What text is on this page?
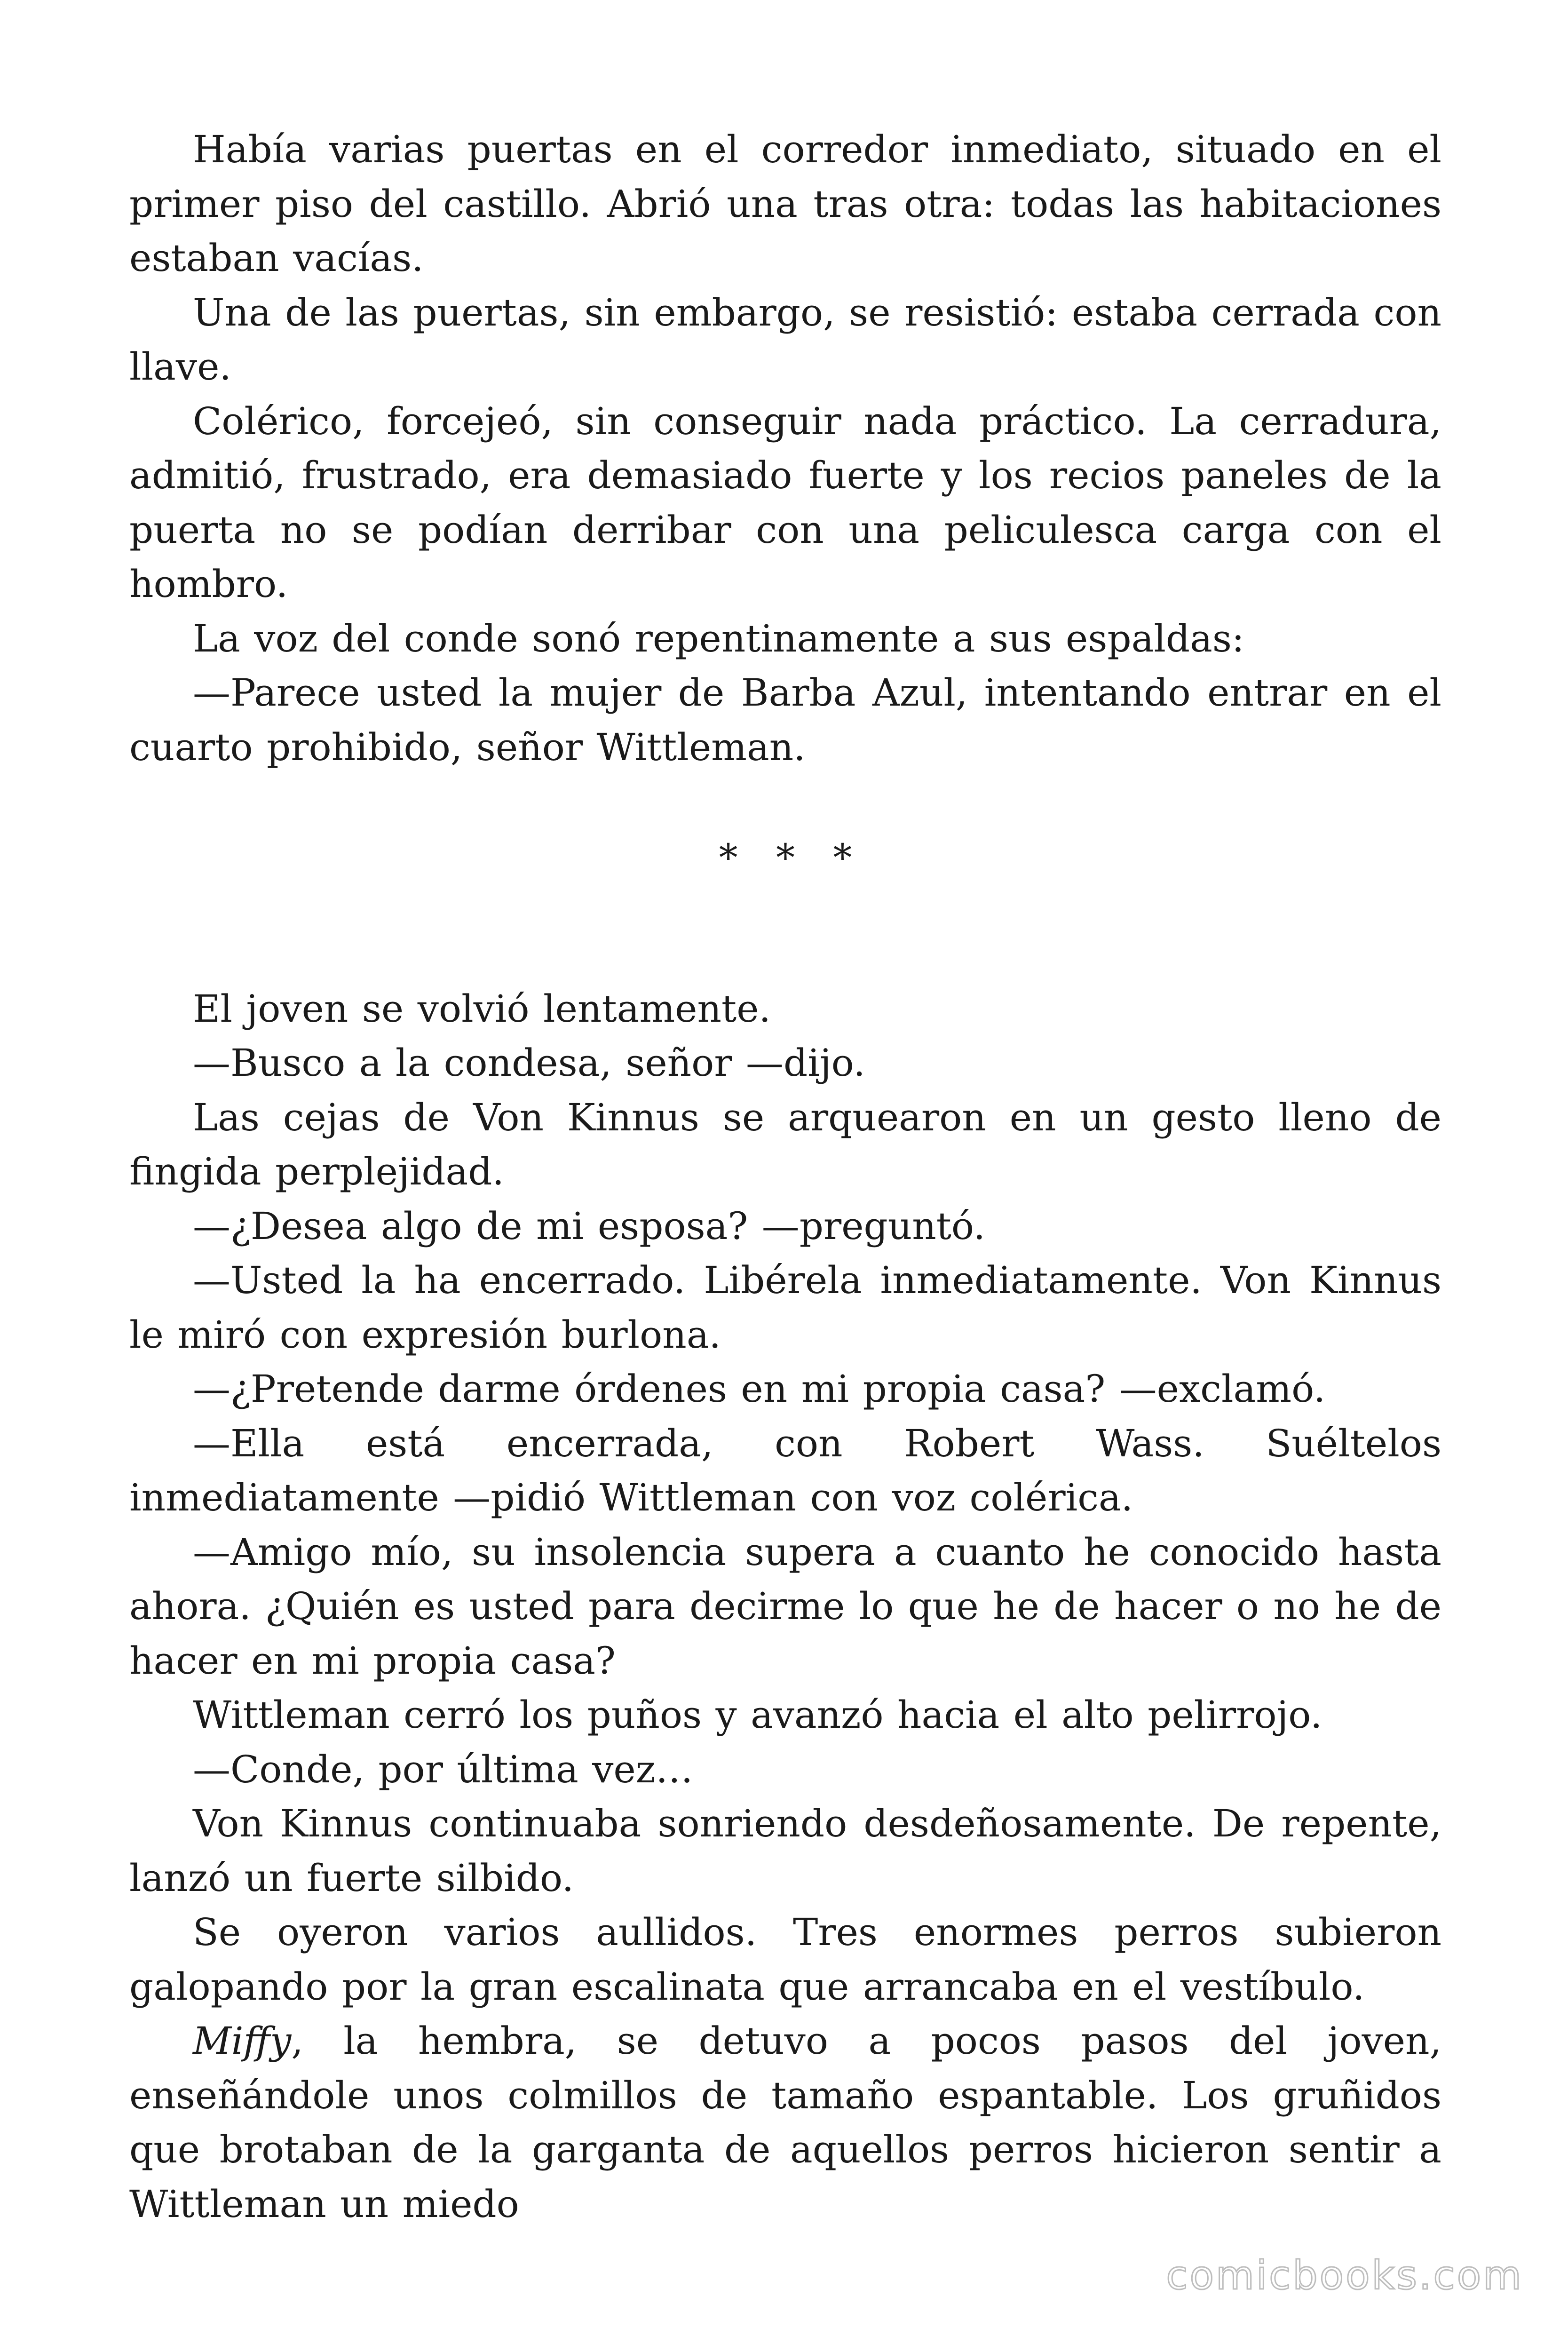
Había varias puertas en el corredor inmediato, situado en el primer piso del castillo. Abrió una tras otra: todas las habitaciones estaban vacías.

Una de las puertas, sin embargo, se resistió: estaba cerrada con llave.

Colérico, forcejeó, sin conseguir nada práctico. La cerradura, admitió, frustrado, era demasiado fuerte y los recios paneles de la puerta no se podían derribar con una peliculesca carga con el hombro.

La voz del conde sonó repentinamente a sus espaldas:

—Parece usted la mujer de Barba Azul, intentando entrar en el cuarto prohibido, señor Wittleman.

* * *

El joven se volvió lentamente.

—Busco a la condesa, señor —dijo.

Las cejas de Von Kinnus se arquearon en un gesto lleno de fingida perplejidad.

—¿Desea algo de mi esposa? —preguntó.

—Usted la ha encerrado. Libérela inmediatamente. Von Kinnus le miró con expresión burlona.

—¿Pretende darme órdenes en mi propia casa? —exclamó.

—Ella está encerrada, con Robert Wass. Suéltelos inmediatamente —pidió Wittleman con voz colérica.

—Amigo mío, su insolencia supera a cuanto he conocido hasta ahora. ¿Quién es usted para decirme lo que he de hacer o no he de hacer en mi propia casa?

Wittleman cerró los puños y avanzó hacia el alto pelirrojo.

—Conde, por última vez…

Von Kinnus continuaba sonriendo desdeñosamente. De repente, lanzó un fuerte silbido.

Se oyeron varios aullidos. Tres enormes perros subieron galopando por la gran escalinata que arrancaba en el vestíbulo.

Miffy, la hembra, se detuvo a pocos pasos del joven, enseñándole unos colmillos de tamaño espantable. Los gruñidos que brotaban de la garganta de aquellos perros hicieron sentir a Wittleman un miedo

comicbooks.com
